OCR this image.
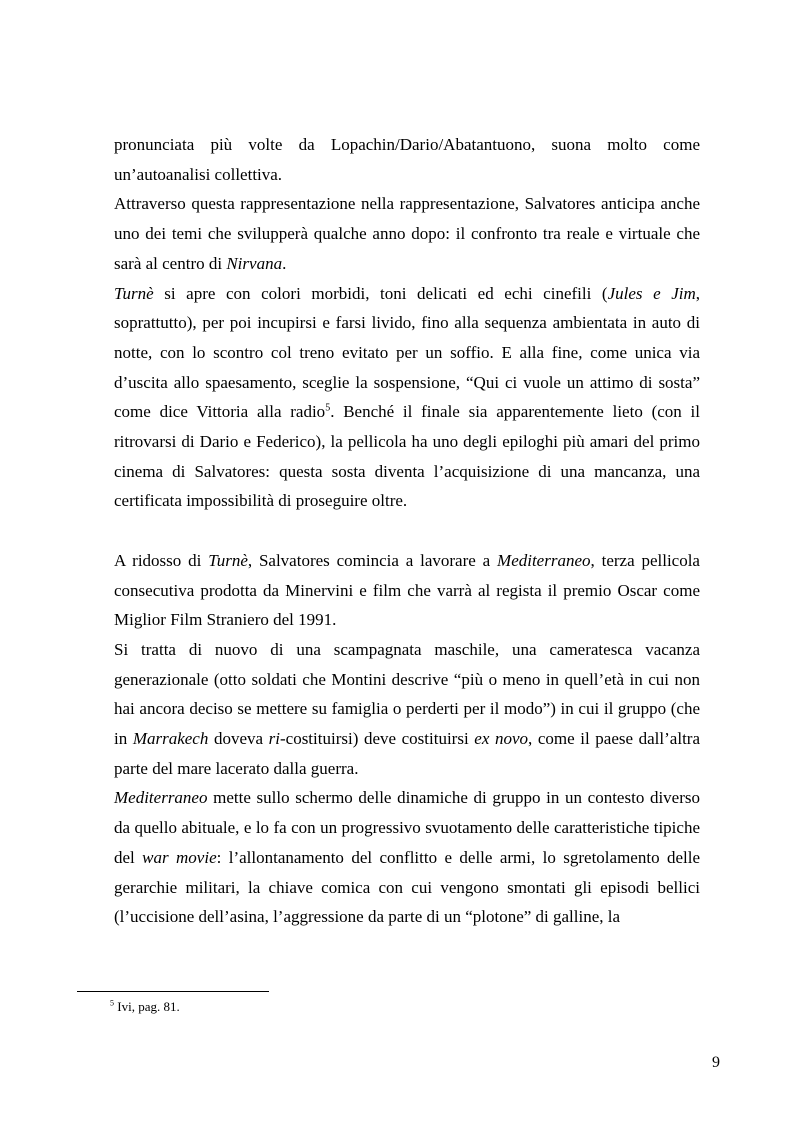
pronunciata più volte da Lopachin/Dario/Abatantuono, suona molto come un’autoanalisi collettiva.

Attraverso questa rappresentazione nella rappresentazione, Salvatores anticipa anche uno dei temi che svilupperà qualche anno dopo: il confronto tra reale e virtuale che sarà al centro di Nirvana.

Turnè si apre con colori morbidi, toni delicati ed echi cinefili (Jules e Jim, soprattutto), per poi incupirsi e farsi livido, fino alla sequenza ambientata in auto di notte, con lo scontro col treno evitato per un soffio. E alla fine, come unica via d’uscita allo spaesamento, sceglie la sospensione, “Qui ci vuole un attimo di sosta” come dice Vittoria alla radio$^5$. Benché il finale sia apparentemente lieto (con il ritrovarsi di Dario e Federico), la pellicola ha uno degli epiloghi più amari del primo cinema di Salvatores: questa sosta diventa l’acquisizione di una mancanza, una certificata impossibilità di proseguire oltre.

A ridosso di Turnè, Salvatores comincia a lavorare a Mediterraneo, terza pellicola consecutiva prodotta da Minervini e film che varrà al regista il premio Oscar come Miglior Film Straniero del 1991.

Si tratta di nuovo di una scampagnata maschile, una cameratesca vacanza generazionale (otto soldati che Montini descrive “più o meno in quell’età in cui non hai ancora deciso se mettere su famiglia o perderti per il modo”) in cui il gruppo (che in Marrakech doveva ri-costituirsi) deve costituirsi ex novo, come il paese dall’altra parte del mare lacerato dalla guerra.

Mediterraneo mette sullo schermo delle dinamiche di gruppo in un contesto diverso da quello abituale, e lo fa con un progressivo svuotamento delle caratteristiche tipiche del war movie: l’allontanamento del conflitto e delle armi, lo sgretolamento delle gerarchie militari, la chiave comica con cui vengono smontati gli episodi bellici (l’uccisione dell’asina, l’aggressione da parte di un “plotone” di galline, la

$^5$ Ivi, pag. 81.
9
